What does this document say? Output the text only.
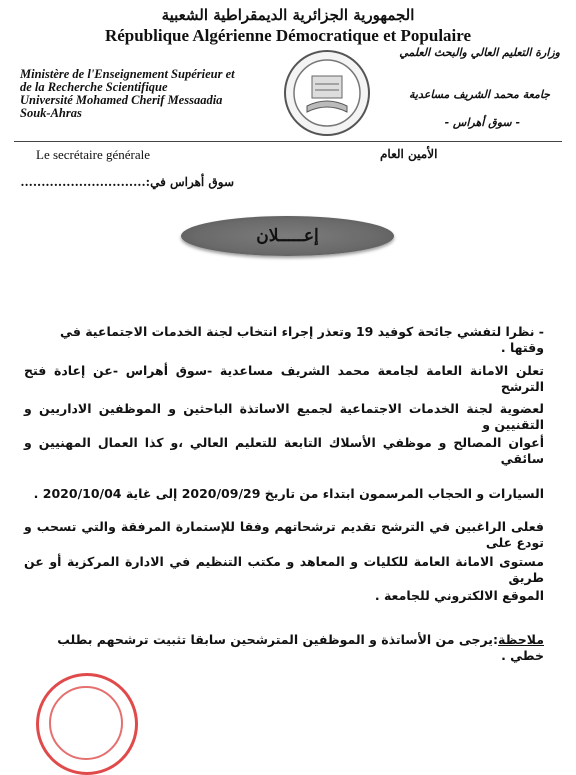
الجمهورية الجزائرية الديمقراطية الشعبية
République Algérienne Démocratique et Populaire
Ministère de l'Enseignement Supérieur et
de la Recherche Scientifique
Université Mohamed Cherif Messaadia
Souk-Ahras
وزارة التعليم العالي والبحث العلمي
جامعة محمد الشريف مساعدية
- سوق أهراس -
Le secrétaire générale	الأمين العام
سوق أهراس في:..............................
إعـــــلان
- نظرا لتفشي جائحة كوفيد 19 وتعذر إجراء انتخاب لجنة الخدمات الاجتماعية في وقتها .
تعلن الامانة العامة لجامعة محمد الشريف مساعدية -سوق أهراس -عن إعادة فتح الترشح
لعضوية لجنة الخدمات الاجتماعية لجميع الاساتذة الباحثين و الموظفين الاداريين و التقنيين و
أعوان المصالح و موظفي الأسلاك التابعة للتعليم العالي ،و كذا العمال المهنيين و سائقي
السيارات و الحجاب المرسمون ابتداء من تاريخ 2020/09/29 إلى غاية 2020/10/04 .
فعلى الراغبين في الترشح تقديم ترشحاتهم وفقا للإستمارة المرفقة والتي تسحب و تودع على
مستوى الامانة العامة للكليات و المعاهد و مكتب التنظيم في الادارة المركزية أو عن طريق
الموقع الالكتروني للجامعة .
ملاحظة:يرجى من الأساتذة و الموظفين المترشحين سابقا تثبيت ترشحهم بطلب خطي .
